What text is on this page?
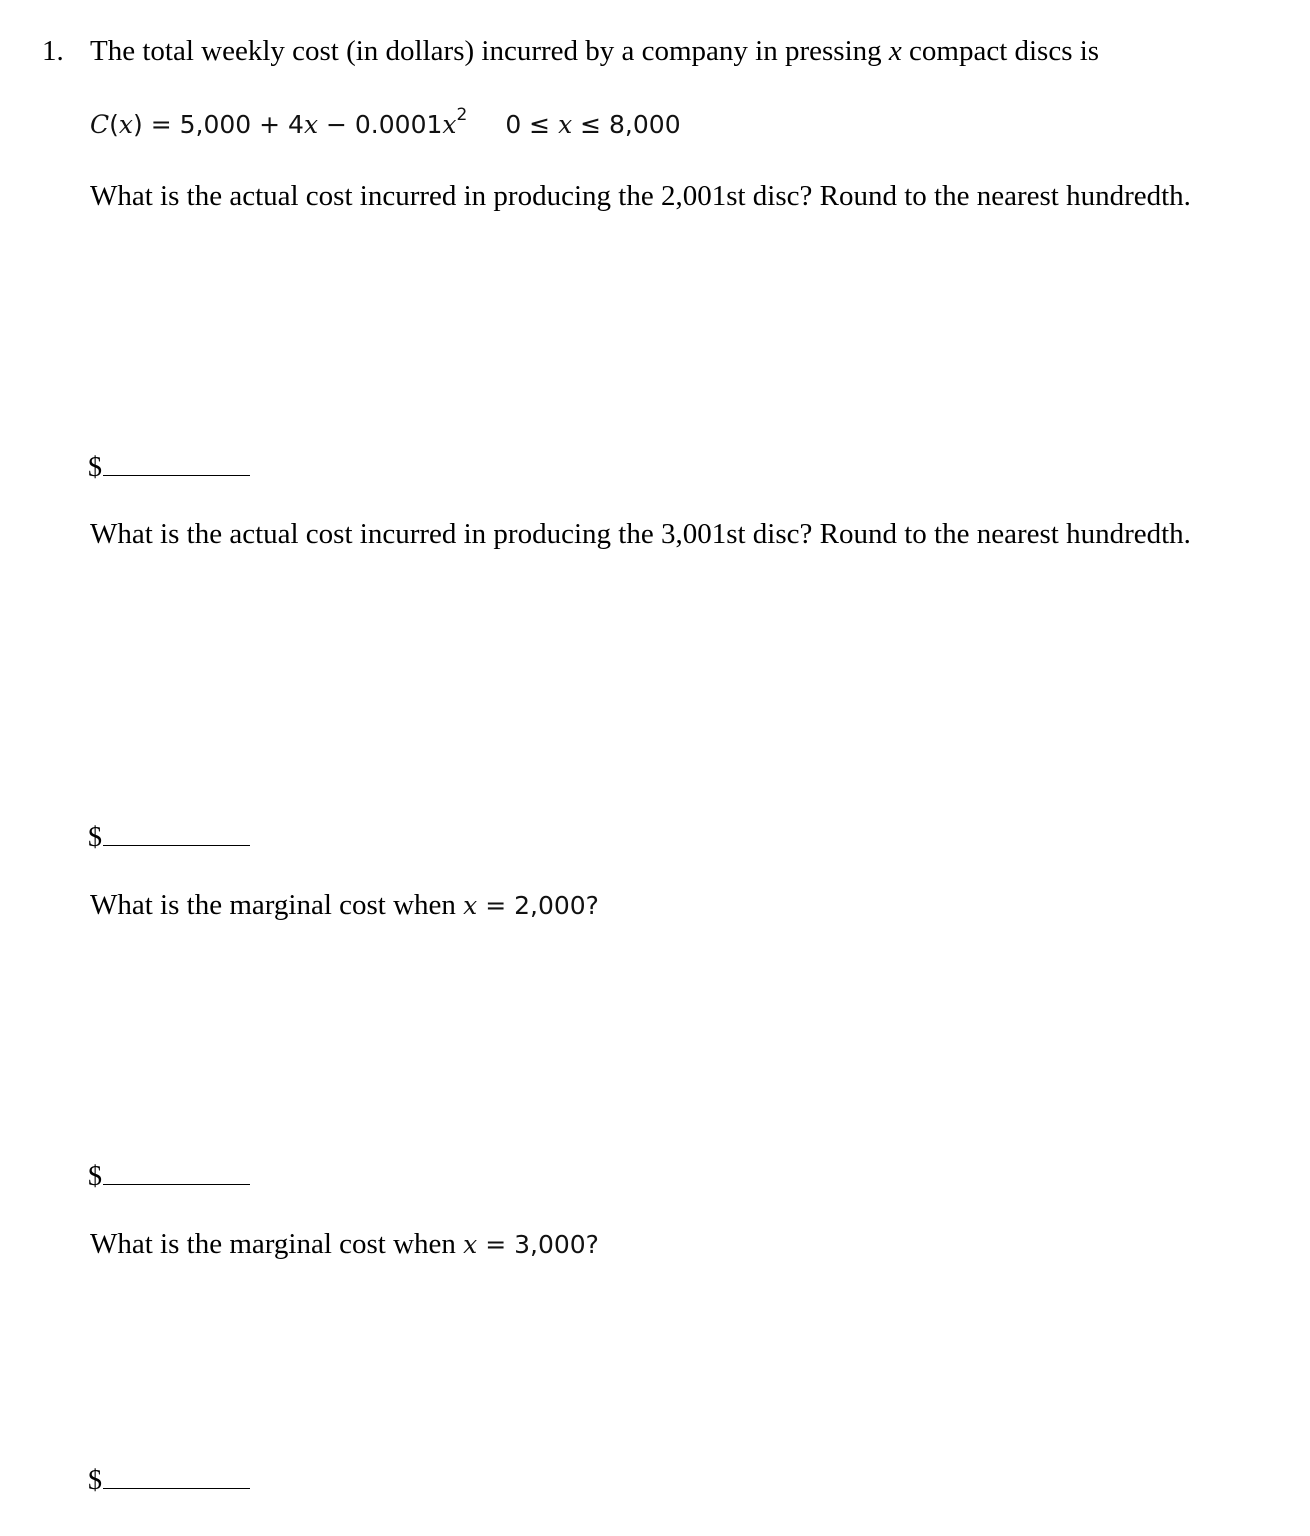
1. The total weekly cost (in dollars) incurred by a company in pressing x compact discs is
$C(x) = 5,000 + 4x - 0.0001x^2$ 0 ≤ x ≤ 8,000
What is the actual cost incurred in producing the 2,001st disc? Round to the nearest hundredth.
$
What is the actual cost incurred in producing the 3,001st disc? Round to the nearest hundredth.
$
What is the marginal cost when x = 2,000?
$
What is the marginal cost when x = 3,000?
$
